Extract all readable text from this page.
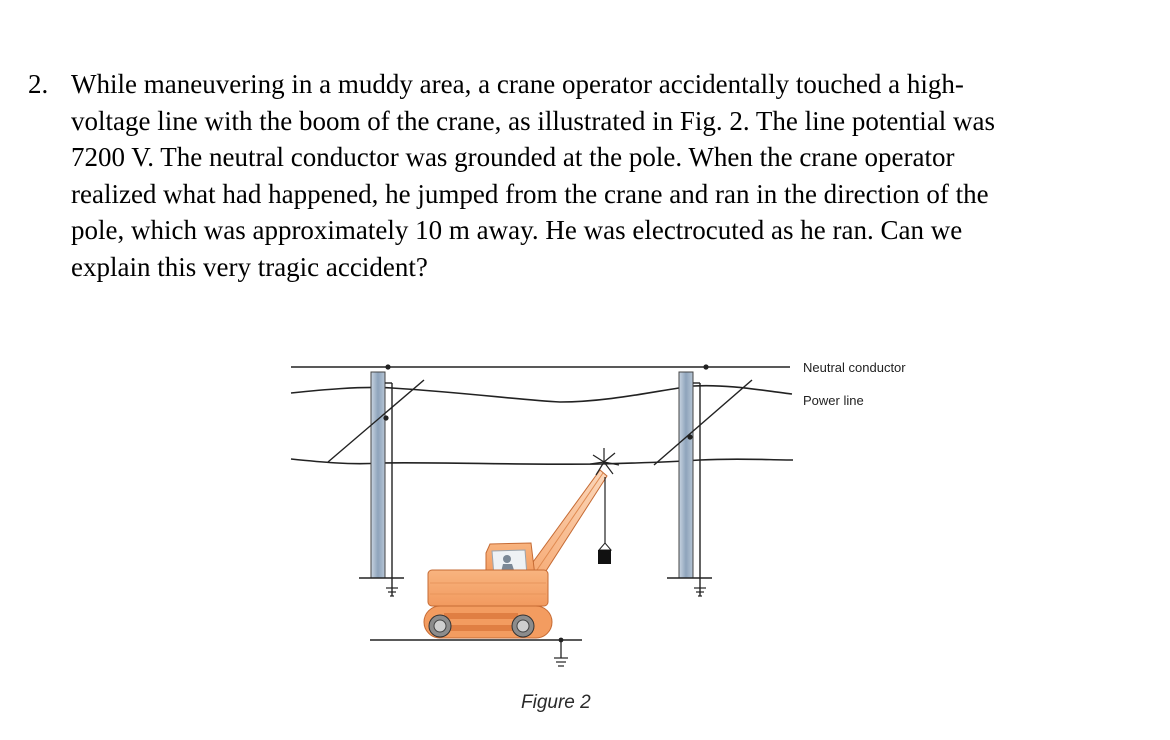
2. While maneuvering in a muddy area, a crane operator accidentally touched a high-
voltage line with the boom of the crane, as illustrated in Fig. 2. The line potential was
7200 V. The neutral conductor was grounded at the pole. When the crane operator
realized what had happened, he jumped from the crane and ran in the direction of the
pole, which was approximately 10 m away. He was electrocuted as he ran. Can we
explain this very tragic accident?
Neutral conductor
Power line
Figure 2
